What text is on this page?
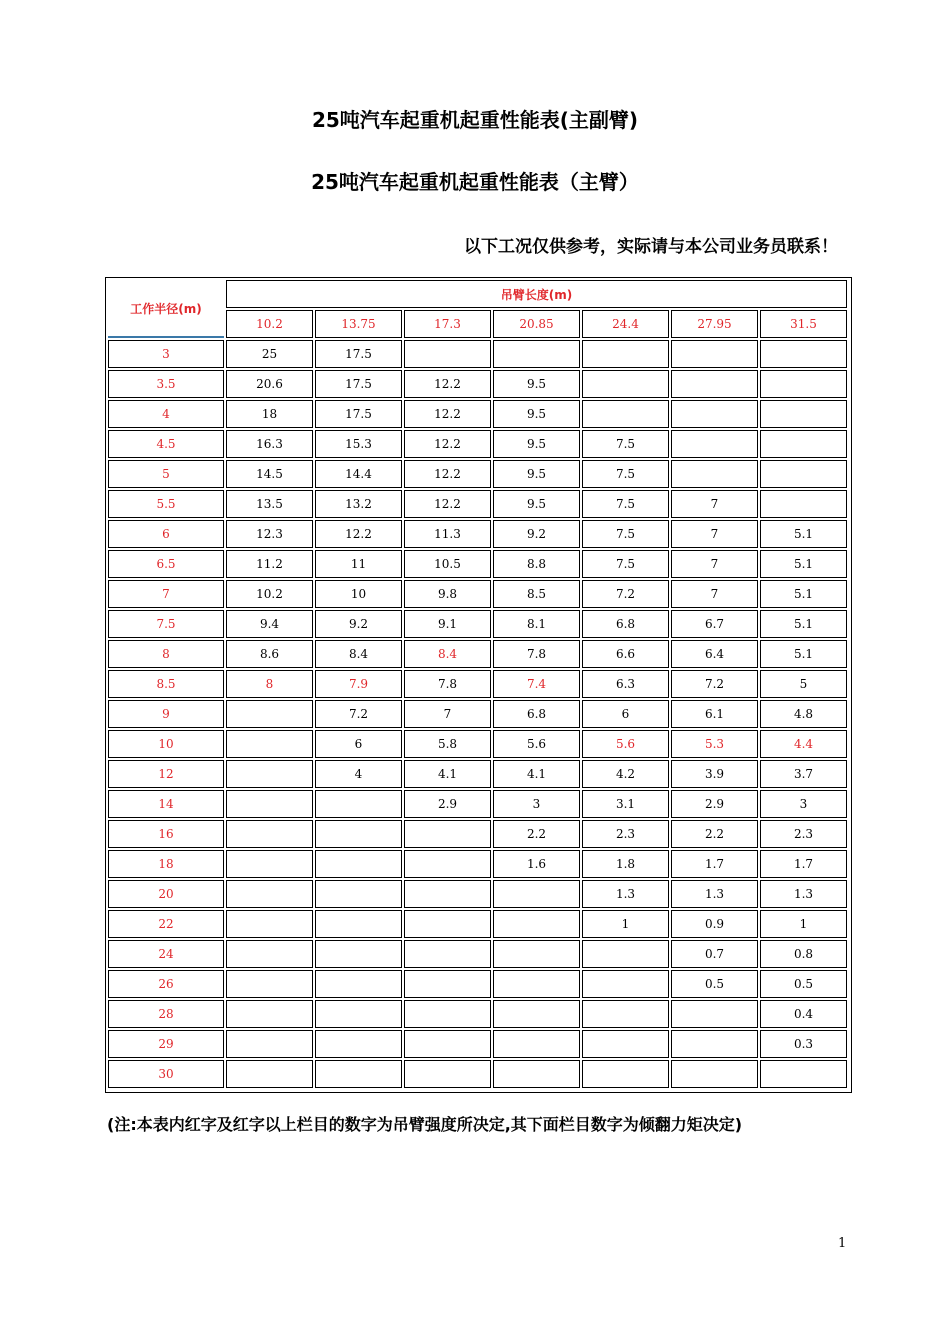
25吨汽车起重机起重性能表(主副臂)
25吨汽车起重机起重性能表（主臂）
以下工况仅供参考，实际请与本公司业务员联系！
工作半径(m)	吊臂长度(m)						
	10.2	13.75	17.3	20.85	24.4	27.95	31.5
3	25	17.5					
3.5	20.6	17.5	12.2	9.5			
4	18	17.5	12.2	9.5			
4.5	16.3	15.3	12.2	9.5	7.5		
5	14.5	14.4	12.2	9.5	7.5		
5.5	13.5	13.2	12.2	9.5	7.5	7	
6	12.3	12.2	11.3	9.2	7.5	7	5.1
6.5	11.2	11	10.5	8.8	7.5	7	5.1
7	10.2	10	9.8	8.5	7.2	7	5.1
7.5	9.4	9.2	9.1	8.1	6.8	6.7	5.1
8	8.6	8.4	8.4	7.8	6.6	6.4	5.1
8.5	8	7.9	7.8	7.4	6.3	7.2	5
9		7.2	7	6.8	6	6.1	4.8
10		6	5.8	5.6	5.6	5.3	4.4
12		4	4.1	4.1	4.2	3.9	3.7
14			2.9	3	3.1	2.9	3
16				2.2	2.3	2.2	2.3
18				1.6	1.8	1.7	1.7
20					1.3	1.3	1.3
22					1	0.9	1
24						0.7	0.8
26						0.5	0.5
28							0.4
29							0.3
30							
(注:本表内红字及红字以上栏目的数字为吊臂强度所决定,其下面栏目数字为倾翻力矩决定)
1
